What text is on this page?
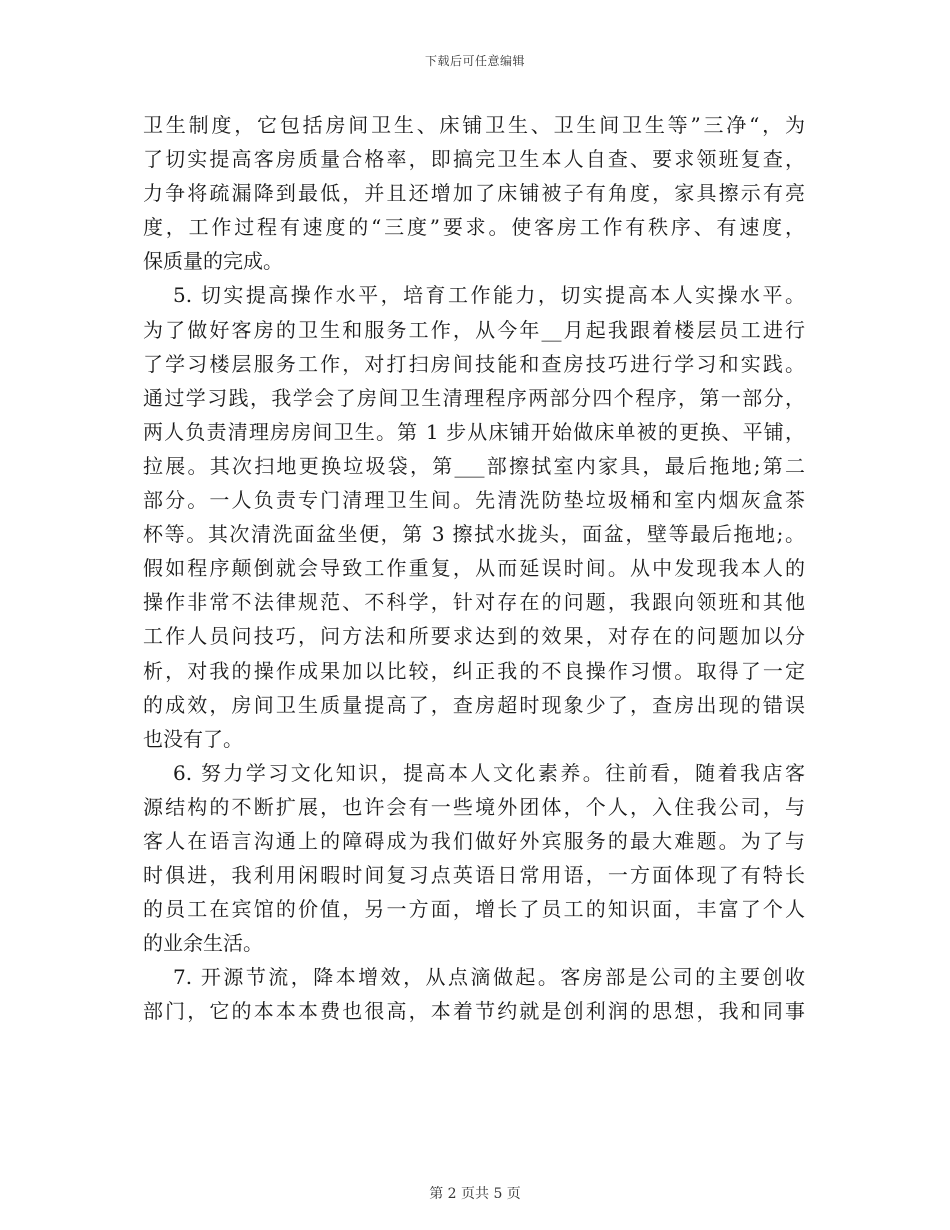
下载后可任意编辑
卫生制度，它包括房间卫生、床铺卫生、卫生间卫生等”三净“，为
了切实提高客房质量合格率，即搞完卫生本人自查、要求领班复查，
力争将疏漏降到最低，并且还增加了床铺被子有角度，家具擦示有亮
度，工作过程有速度的“三度”要求。使客房工作有秩序、有速度，
保质量的完成。
5. 切实提高操作水平，培育工作能力，切实提高本人实操水平。
为了做好客房的卫生和服务工作，从今年__月起我跟着楼层员工进行
了学习楼层服务工作，对打扫房间技能和查房技巧进行学习和实践。
通过学习践，我学会了房间卫生清理程序两部分四个程序，第一部分，
两人负责清理房房间卫生。第 1 步从床铺开始做床单被的更换、平铺，
拉展。其次扫地更换垃圾袋，第___部擦拭室内家具，最后拖地;第二
部分。一人负责专门清理卫生间。先清洗防垫垃圾桶和室内烟灰盒茶
杯等。其次清洗面盆坐便，第 3 擦拭水拢头，面盆，壁等最后拖地;。
假如程序颠倒就会导致工作重复，从而延误时间。从中发现我本人的
操作非常不法律规范、不科学，针对存在的问题，我跟向领班和其他
工作人员问技巧，问方法和所要求达到的效果，对存在的问题加以分
析，对我的操作成果加以比较，纠正我的不良操作习惯。取得了一定
的成效，房间卫生质量提高了，查房超时现象少了，查房出现的错误
也没有了。
6. 努力学习文化知识，提高本人文化素养。往前看，随着我店客
源结构的不断扩展，也许会有一些境外团体，个人，入住我公司，与
客人在语言沟通上的障碍成为我们做好外宾服务的最大难题。为了与
时俱进，我利用闲暇时间复习点英语日常用语，一方面体现了有特长
的员工在宾馆的价值，另一方面，增长了员工的知识面，丰富了个人
的业余生活。
7. 开源节流，降本增效，从点滴做起。客房部是公司的主要创收
部门，它的本本本费也很高，本着节约就是创利润的思想，我和同事
第 2 页共 5 页
